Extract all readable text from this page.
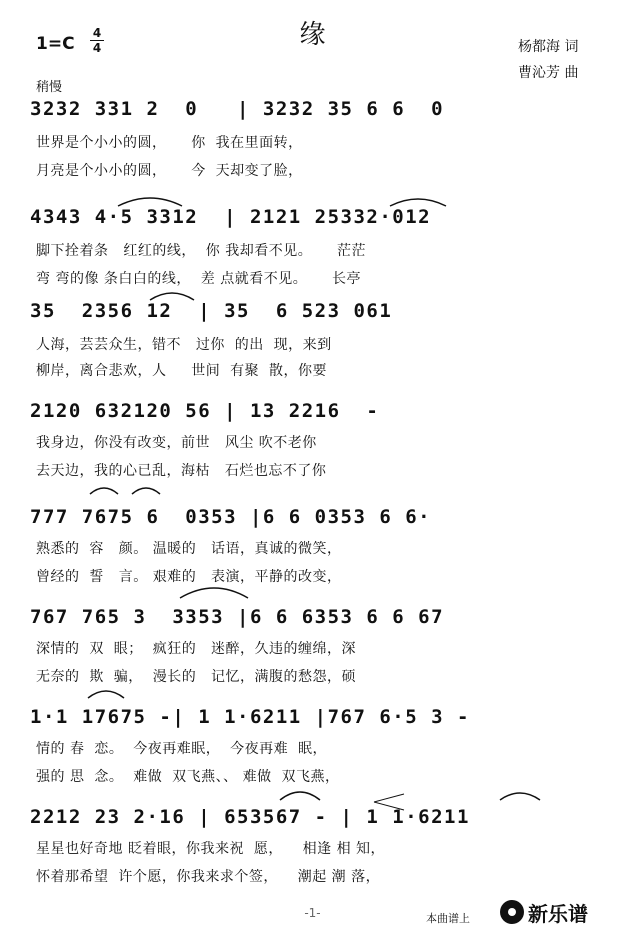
缘
1=C
4
4	杨都海 词
曹沁芳 曲
稍慢
3232 331 2  0   | 3232 35 6 6  0
世界是个小小的圆，     你  我在里面转，
月亮是个小小的圆，     今  天却变了脸，
4343 4·5 3312  | 2121 25332·012
脚下拴着条   红红的线，  你 我却看不见。     茫茫
弯 弯的像 条白白的线，  差 点就看不见。     长亭
35  2356 12  | 35  6 523 061
人海，芸芸众生，错不   过你  的出  现，来到
柳岸，离合悲欢，人     世间  有聚  散，你要
2120 632120 56 | 13 2216  -
我身边，你没有改变，前世   风尘 吹不老你
去天边，我的心已乱，海枯   石烂也忘不了你
777 7675 6  0353 |6 6 0353 6 6·
熟悉的  容   颜。 温暖的   话语，真诚的微笑，
曾经的  誓   言。 艰难的   表演，平静的改变，
767 765 3  3353 |6 6 6353 6 6 67
深情的  双  眼；  疯狂的   迷醉，久违的缠绵，深
无奈的  欺  骗，  漫长的   记忆，满腹的愁怨，硕
1·1 17675 -| 1 1·6211 |767 6·5 3 -
情的 春  恋。  今夜再难眠，  今夜再难  眠，
强的 思  念。  难做  双飞燕、、 难做  双飞燕，
2212 23 2·16 | 653567 - | 1 1·6211
星星也好奇地 眨着眼，你我来祝  愿，    相逢 相 知，
怀着那希望  许个愿，你我来求个签，    潮起 潮 落，
-1-	本曲谱上	新乐谱
